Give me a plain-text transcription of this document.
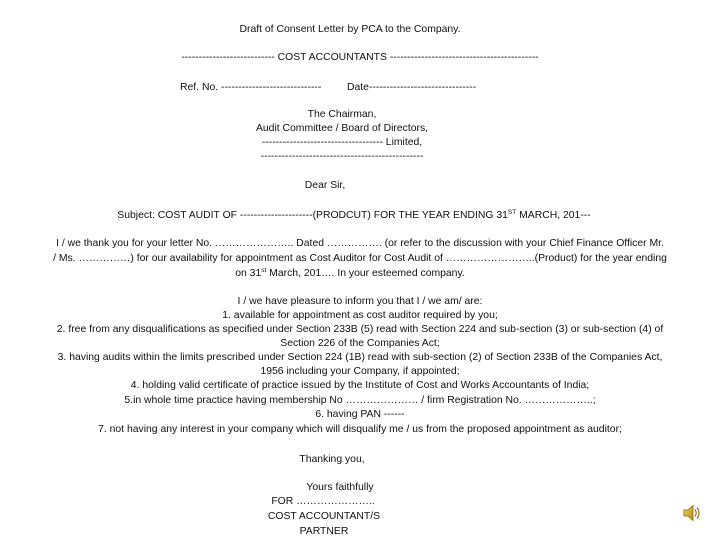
Draft of Consent Letter by PCA to the Company.
--------------------------- COST ACCOUNTANTS -------------------------------------------
Ref. No. ----------------------------- Date-------------------------------
The Chairman,
Audit Committee / Board of Directors,
----------------------------------- Limited,
-----------------------------------------------
Dear Sir,
Subject: COST AUDIT OF ---------------------(PRODCUT) FOR THE YEAR ENDING 31ST MARCH, 201---
I / we thank you for your letter No. ………………….. Dated ……………. (or refer to the discussion with your Chief Finance Officer Mr.
/ Ms. ……………) for our availability for appointment as Cost Auditor for Cost Audit of ……………………..(Product) for the year ending
on 31st March, 201…. In your esteemed company.
I / we have pleasure to inform you that I / we am/ are:
1. available for appointment as cost auditor required by you;
2. free from any disqualifications as specified under Section 233B (5) read with Section 224 and sub-section (3) or sub-section (4) of
Section 226 of the Companies Act;
3. having audits within the limits prescribed under Section 224 (1B) read with sub-section (2) of Section 233B of the Companies Act,
1956 including your Company, if appointed;
4. holding valid certificate of practice issued by the Institute of Cost and Works Accountants of India;
5.in whole time practice having membership No ………………… / firm Registration No. ………………..;
6. having PAN ------
7. not having any interest in your company which will disqualify me / us from the proposed appointment as auditor;
Thanking you,
Yours faithfully
FOR …………………..
COST ACCOUNTANT/S
PARTNER
